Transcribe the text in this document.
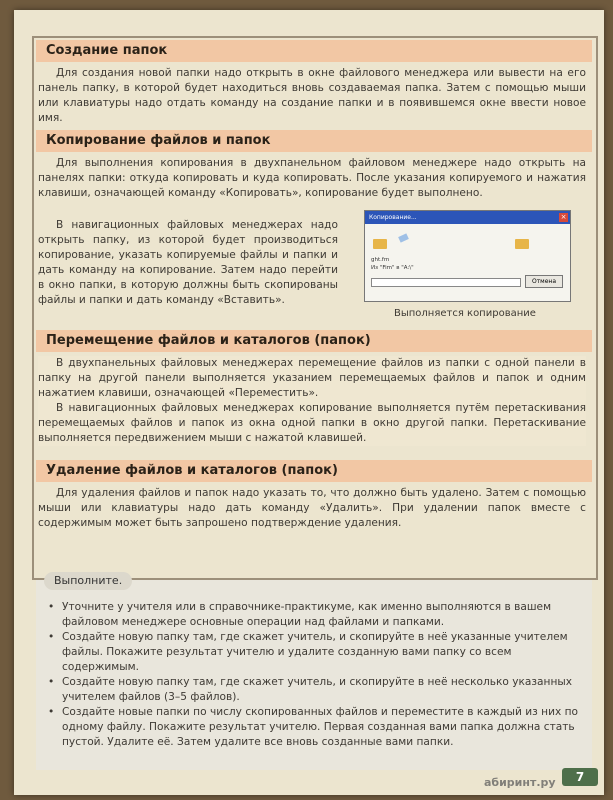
Создание папок

Для создания новой папки надо открыть в окне файлового менеджера или вывести на его панель папку, в которой будет находиться вновь создаваемая папка. Затем с помощью мыши или клавиатуры надо отдать команду на создание папки и в появившемся окне ввести новое имя.

Копирование файлов и папок

Для выполнения копирования в двухпанельном файловом менеджере надо открыть на панелях папки: откуда копировать и куда копировать. После указания копируемого и нажатия клавиши, означающей команду «Копировать», копирование будет выполнено.

В навигационных файловых менеджерах надо открыть папку, из которой будет производиться копирование, указать копируемые файлы и папки и дать команду на копирование. Затем надо перейти в окно папки, в которую должны быть скопированы файлы и папки и дать команду «Вставить».

Копирование...	×
ght.fm
Из "Fim" в "A:\"
Отмена
Выполняется копирование
Перемещение файлов и каталогов (папок)

В двухпанельных файловых менеджерах перемещение файлов из папки с одной панели в папку на другой панели выполняется указанием перемещаемых файлов и папок и одним нажатием клавиши, означающей «Переместить».

В навигационных файловых менеджерах копирование выполняется путём перетаскивания перемещаемых файлов и папок из окна одной папки в окно другой папки. Перетаскивание выполняется передвижением мыши с нажатой клавишей.

Удаление файлов и каталогов (папок)

Для удаления файлов и папок надо указать то, что должно быть удалено. Затем с помощью мыши или клавиатуры надо дать команду «Удалить». При удалении папок вместе с содержимым может быть запрошено подтверждение удаления.

Выполните.
• Уточните у учителя или в справочнике-практикуме, как именно выполняются в вашем файловом менеджере основные операции над файлами и папками.
• Создайте новую папку там, где скажет учитель, и скопируйте в неё указанные учителем файлы. Покажите результат учителю и удалите созданную вами папку со всем содержимым.
• Создайте новую папку там, где скажет учитель, и скопируйте в неё несколько указанных учителем файлов (3–5 файлов).
• Создайте новые папки по числу скопированных файлов и переместите в каждый из них по одному файлу. Покажите результат учителю. Первая созданная вами папка должна стать пустой. Удалите её. Затем удалите все вновь созданные вами папки.
абиринт.ру	7
